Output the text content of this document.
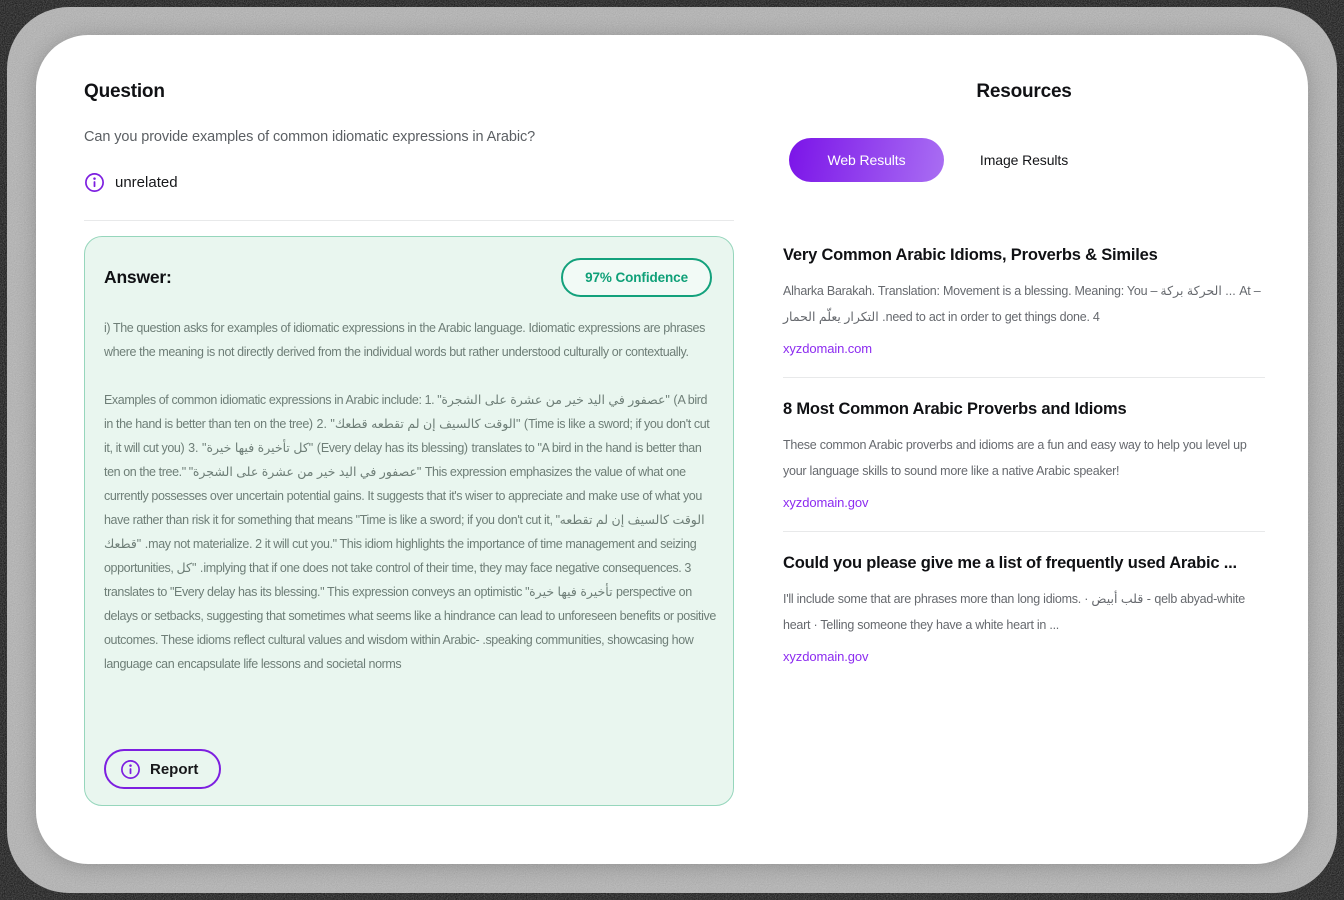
Question
Can you provide examples of common idiomatic expressions in Arabic?
unrelated
Answer:	97% Confidence

i) The question asks for examples of idiomatic expressions in the Arabic language. Idiomatic expressions are phrases where the meaning is not directly derived from the individual words but rather understood culturally or contextually.

Examples of common idiomatic expressions in Arabic include: 1. "عصفور في اليد خير من عشرة على الشجرة" (A bird in the hand is better than ten on the tree) 2. "الوقت كالسيف إن لم تقطعه قطعك" (Time is like a sword; if you don't cut it, it will cut you) 3. "كل تأخيرة فيها خيرة" (Every delay has its blessing) translates to "A bird in the hand is better than ten on the tree." "عصفور في اليد خير من عشرة على الشجرة" This expression emphasizes the value of what one currently possesses over uncertain potential gains. It suggests that it's wiser to appreciate and make use of what you have rather than risk it for something that means "Time is like a sword; if you don't cut it, "الوقت كالسيف إن لم تقطعه قطعك" .may not materialize. 2 it will cut you." This idiom highlights the importance of time management and seizing opportunities, كل" .implying that if one does not take control of their time, they may face negative consequences. 3 translates to "Every delay has its blessing." This expression conveys an optimistic "تأخيرة فيها خيرة perspective on delays or setbacks, suggesting that sometimes what seems like a hindrance can lead to unforeseen benefits or positive outcomes. These idioms reflect cultural values and wisdom within Arabic- .speaking communities, showcasing how language can encapsulate life lessons and societal norms

Report
Resources
Web Results	Image Results
Very Common Arabic Idioms, Proverbs & Similes
Alharka Barakah. Translation: Movement is a blessing. Meaning: You – الحركة بركة ... At – التكرار يعلّم الحمار .need to act in order to get things done. 4
xyzdomain.com
8 Most Common Arabic Proverbs and Idioms
These common Arabic proverbs and idioms are a fun and easy way to help you level up your language skills to sound more like a native Arabic speaker!
xyzdomain.gov
Could you please give me a list of frequently used Arabic ...
I'll include some that are phrases more than long idioms. · قلب أبيض - qelb abyad-white heart · Telling someone they have a white heart in ...
xyzdomain.gov
